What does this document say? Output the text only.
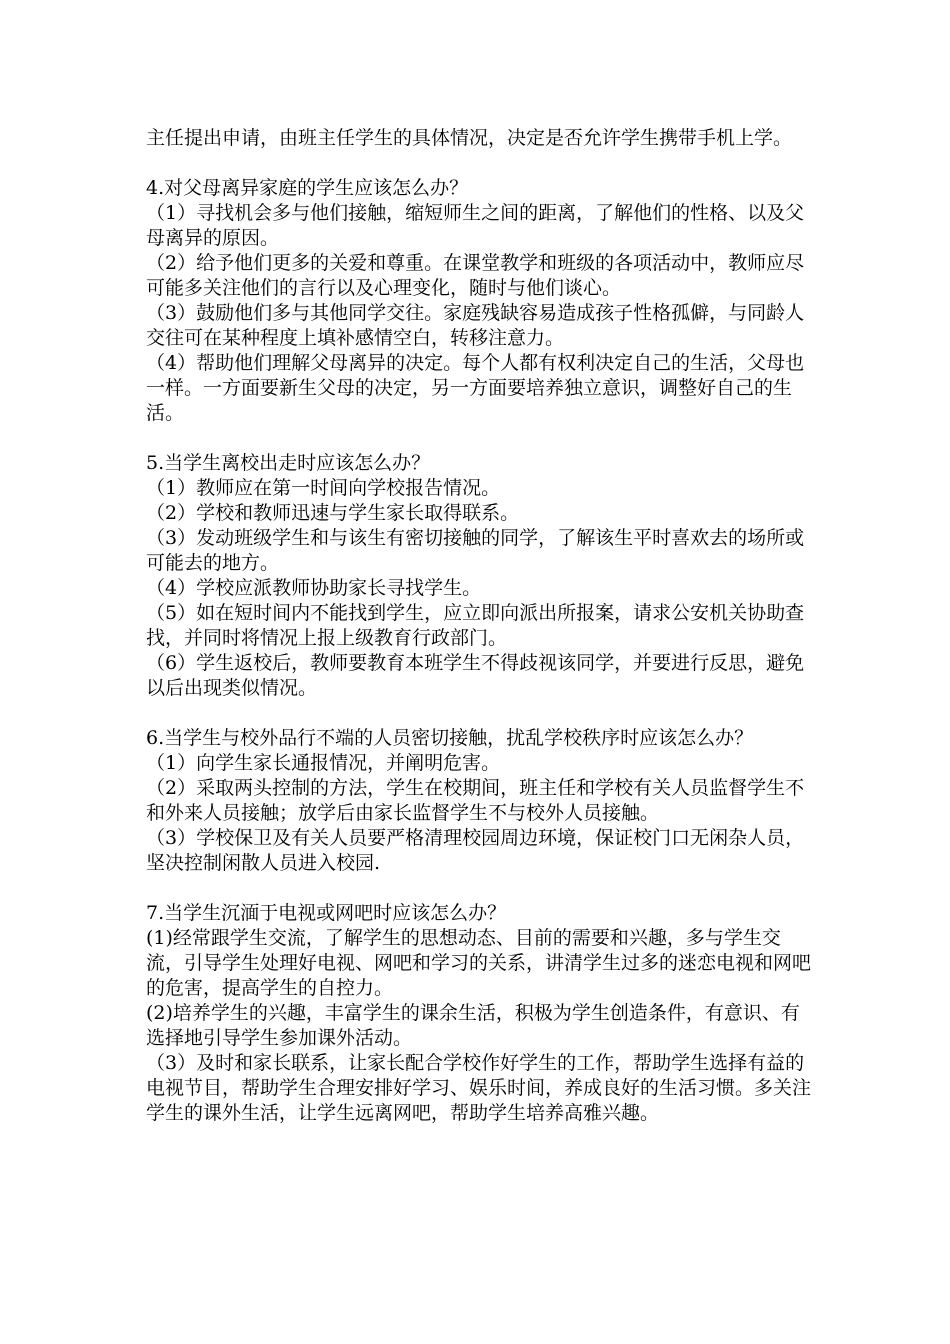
主任提出申请，由班主任学生的具体情况，决定是否允许学生携带手机上学。

4.对父母离异家庭的学生应该怎么办？

（1）寻找机会多与他们接触，缩短师生之间的距离，了解他们的性格、以及父母离异的原因。

（2）给予他们更多的关爱和尊重。在课堂教学和班级的各项活动中，教师应尽可能多关注他们的言行以及心理变化，随时与他们谈心。

（3）鼓励他们多与其他同学交往。家庭残缺容易造成孩子性格孤僻，与同龄人交往可在某种程度上填补感情空白，转移注意力。

（4）帮助他们理解父母离异的决定。每个人都有权利决定自己的生活，父母也一样。一方面要新生父母的决定，另一方面要培养独立意识，调整好自己的生活。

5.当学生离校出走时应该怎么办？

（1）教师应在第一时间向学校报告情况。

（2）学校和教师迅速与学生家长取得联系。

（3）发动班级学生和与该生有密切接触的同学，了解该生平时喜欢去的场所或可能去的地方。

（4）学校应派教师协助家长寻找学生。

（5）如在短时间内不能找到学生，应立即向派出所报案，请求公安机关协助查找，并同时将情况上报上级教育行政部门。

（6）学生返校后，教师要教育本班学生不得歧视该同学，并要进行反思，避免以后出现类似情况。

6.当学生与校外品行不端的人员密切接触，扰乱学校秩序时应该怎么办？

（1）向学生家长通报情况，并阐明危害。

（2）采取两头控制的方法，学生在校期间，班主任和学校有关人员监督学生不和外来人员接触；放学后由家长监督学生不与校外人员接触。

（3）学校保卫及有关人员要严格清理校园周边环境，保证校门口无闲杂人员，坚决控制闲散人员进入校园.

7.当学生沉湎于电视或网吧时应该怎么办？

(1)经常跟学生交流，了解学生的思想动态、目前的需要和兴趣，多与学生交流，引导学生处理好电视、网吧和学习的关系，讲清学生过多的迷恋电视和网吧的危害，提高学生的自控力。

(2)培养学生的兴趣，丰富学生的课余生活，积极为学生创造条件，有意识、有选择地引导学生参加课外活动。

（3）及时和家长联系，让家长配合学校作好学生的工作，帮助学生选择有益的电视节目，帮助学生合理安排好学习、娱乐时间，养成良好的生活习惯。多关注学生的课外生活，让学生远离网吧，帮助学生培养高雅兴趣。
